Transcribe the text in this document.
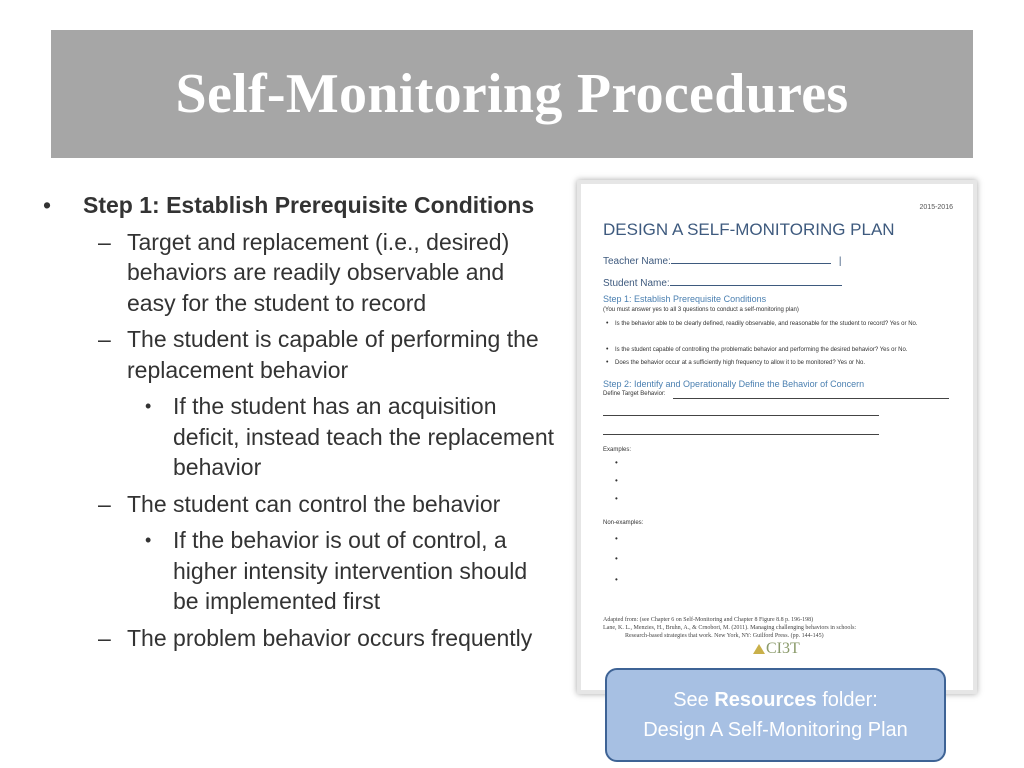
Self-Monitoring Procedures
• Step 1: Establish Prerequisite Conditions
– Target and replacement (i.e., desired) behaviors are readily observable and easy for the student to record
– The student is capable of performing the replacement behavior
• If the student has an acquisition deficit, instead teach the replacement behavior
– The student can control the behavior
• If the behavior is out of control, a higher intensity intervention should be implemented first
– The problem behavior occurs frequently
2015-2016
DESIGN A SELF-MONITORING PLAN
Teacher Name:	|
Student Name:
Step 1: Establish Prerequisite Conditions
(You must answer yes to all 3 questions to conduct a self-monitoring plan)
• Is the behavior able to be clearly defined, readily observable, and reasonable for the student to record? Yes or No.
• Is the student capable of controlling the problematic behavior and performing the desired behavior? Yes or No.
• Does the behavior occur at a sufficiently high frequency to allow it to be monitored? Yes or No.
Step 2: Identify and Operationally Define the Behavior of Concern
Define Target Behavior:
Examples:
•
•
•
Non-examples:
•
•
•
Adapted from: (see Chapter 6 on Self-Monitoring and Chapter 8 Figure 8.8 p. 196-198)
Lane, K. L., Menzies, H., Bruhn, A., & Crnobori, M. (2011). Managing challenging behaviors in schools:
Research-based strategies that work. New York, NY: Guilford Press. (pp. 144-145)
CI3T
See Resources folder:
Design A Self-Monitoring Plan
